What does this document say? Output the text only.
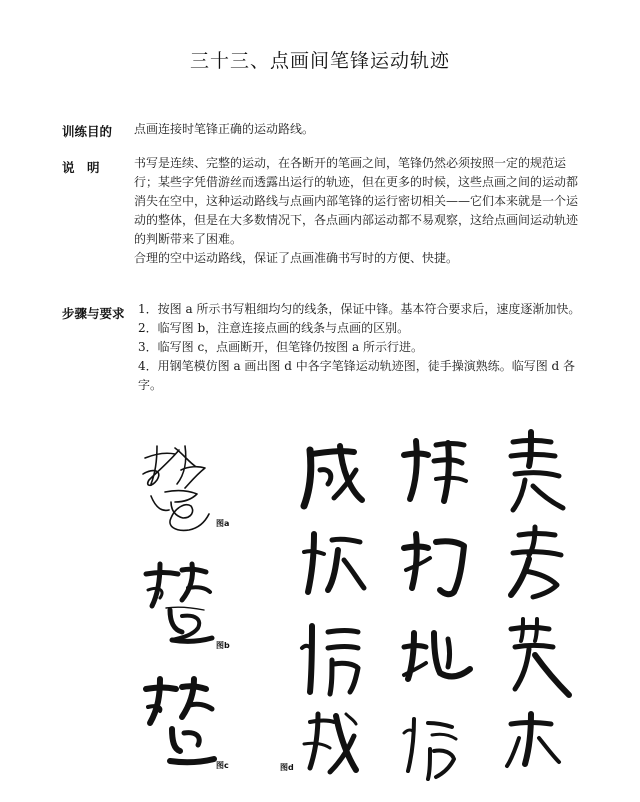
三十三、点画间笔锋运动轨迹
训练目的 点画连接时笔锋正确的运动路线。
说　明	书写是连续、完整的运动，在各断开的笔画之间，笔锋仍然必须按照一定的规范运

行；某些字凭借游丝而透露出运行的轨迹，但在更多的时候，这些点画之间的运动都

消失在空中，这种运动路线与点画内部笔锋的运行密切相关——它们本来就是一个运

动的整体，但是在大多数情况下，各点画内部运动都不易观察，这给点画间运动轨迹

的判断带来了困难。

合理的空中运动路线，保证了点画准确书写时的方便、快捷。

步骤与要求 1．按图 a 所示书写粗细均匀的线条，保证中锋。基本符合要求后，速度逐渐加快。

2．临写图 b，注意连接点画的线条与点画的区别。

3．临写图 c，点画断开，但笔锋仍按图 a 所示行进。

4．用钢笔模仿图 a 画出图 d 中各字笔锋运动轨迹图，徒手操演熟练。临写图 d 各字。

图a
图b
图c	图d
